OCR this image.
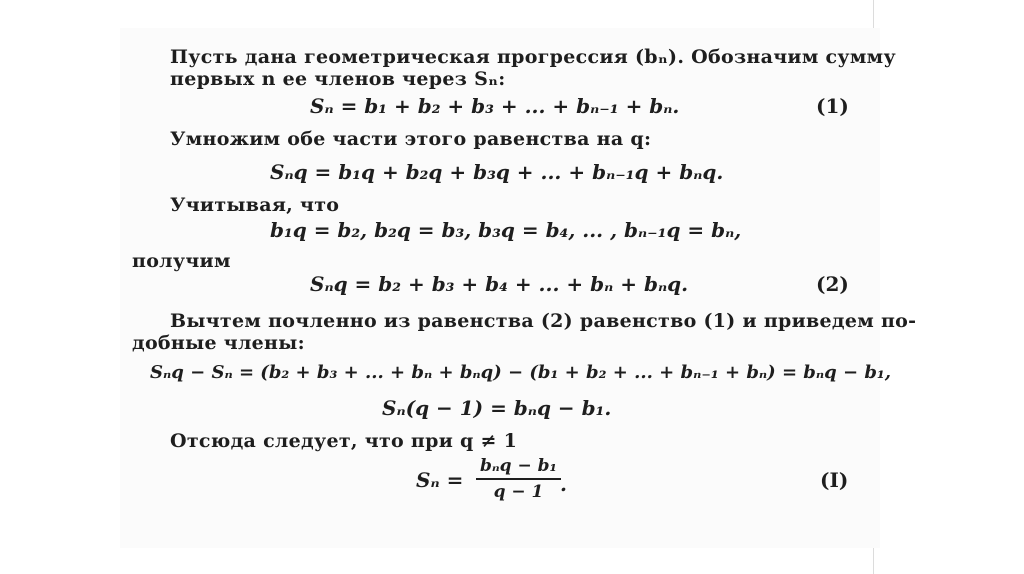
Пусть дана геометрическая прогрессия (bₙ). Обозначим сумму
первых n ее членов через Sₙ:
Sₙ = b₁ + b₂ + b₃ + ... + bₙ₋₁ + bₙ.	(1)
Умножим обе части этого равенства на q:
Sₙq = b₁q + b₂q + b₃q + ... + bₙ₋₁q + bₙq.
Учитывая, что
b₁q = b₂, b₂q = b₃, b₃q = b₄, ... , bₙ₋₁q = bₙ,
получим
Sₙq = b₂ + b₃ + b₄ + ... + bₙ + bₙq.	(2)
Вычтем почленно из равенства (2) равенство (1) и приведем по-
добные члены:
Sₙq − Sₙ = (b₂ + b₃ + ... + bₙ + bₙq) − (b₁ + b₂ + ... + bₙ₋₁ + bₙ) = bₙq − b₁,
Sₙ(q − 1) = bₙq − b₁.
Отсюда следует, что при q ≠ 1
Sₙ =
bₙq − b₁
q − 1 .	(I)
